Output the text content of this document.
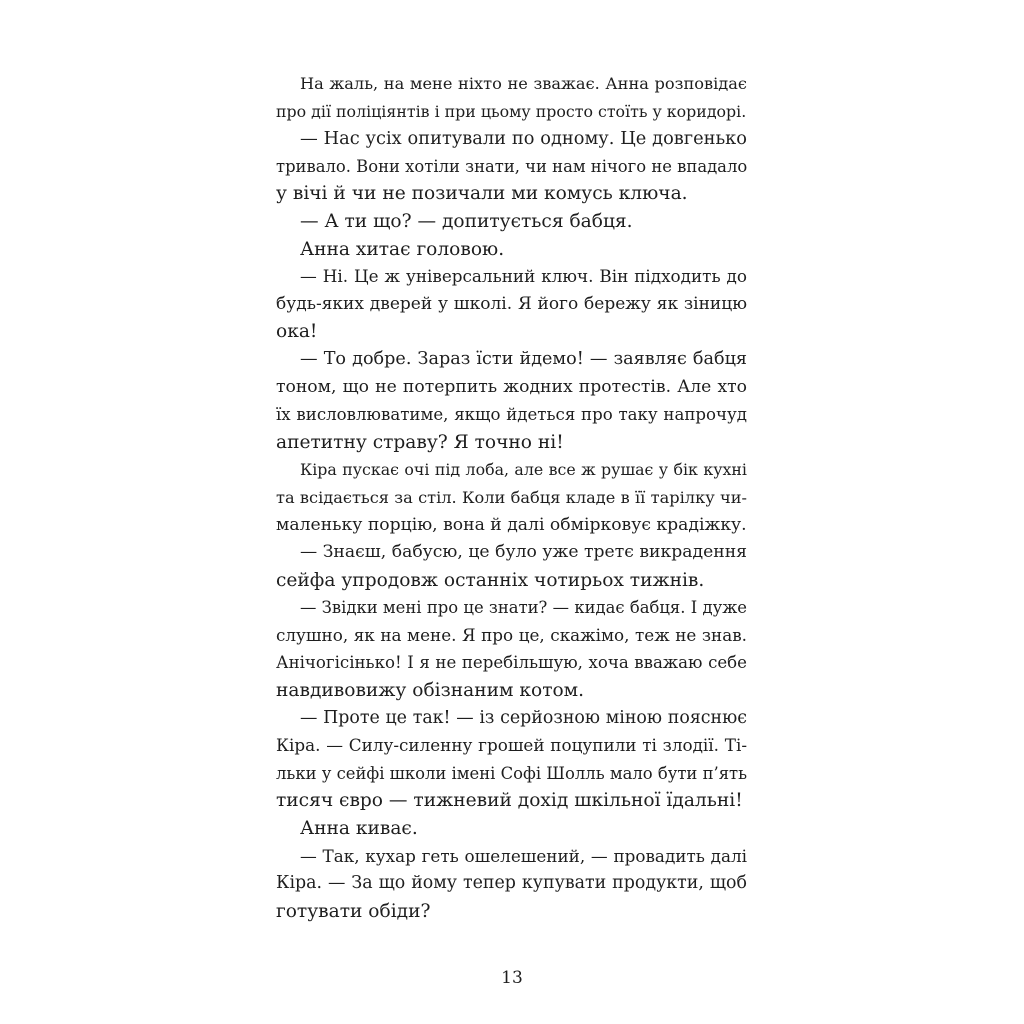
На жаль, на мене ніхто не зважає. Анна розповідає
про дії поліціянтів і при цьому просто стоїть у коридорі.
— Нас усіх опитували по одному. Це довгенько
тривало. Вони хотіли знати, чи нам нічого не впадало
у вічі й чи не позичали ми комусь ключа.
— А ти що? — допитується бабця.
Анна хитає головою.
— Ні. Це ж універсальний ключ. Він підходить до
будь-яких дверей у школі. Я його бережу як зіницю
ока!
— То добре. Зараз їсти йдемо! — заявляє бабця
тоном, що не потерпить жодних протестів. Але хто
їх висловлюватиме, якщо йдеться про таку напрочуд
апетитну страву? Я точно ні!
Кіра пускає очі під лоба, але все ж рушає у бік кухні
та всідається за стіл. Коли бабця кладе в її тарілку чи-
маленьку порцію, вона й далі обмірковує крадіжку.
— Знаєш, бабусю, це було уже третє викрадення
сейфа упродовж останніх чотирьох тижнів.
— Звідки мені про це знати? — кидає бабця. І дуже
слушно, як на мене. Я про це, скажімо, теж не знав.
Анічогісінько! І я не перебільшую, хоча вважаю себе
навдивовижу обізнаним котом.
— Проте це так! — із серйозною міною пояснює
Кіра. — Силу-силенну грошей поцупили ті злодії. Ті-
льки у сейфі школи імені Софі Шолль мало бути п’ять
тисяч євро — тижневий дохід шкільної їдальні!
Анна киває.
— Так, кухар геть ошелешений, — провадить далі
Кіра. — За що йому тепер купувати продукти, щоб
готувати обіди?
13
